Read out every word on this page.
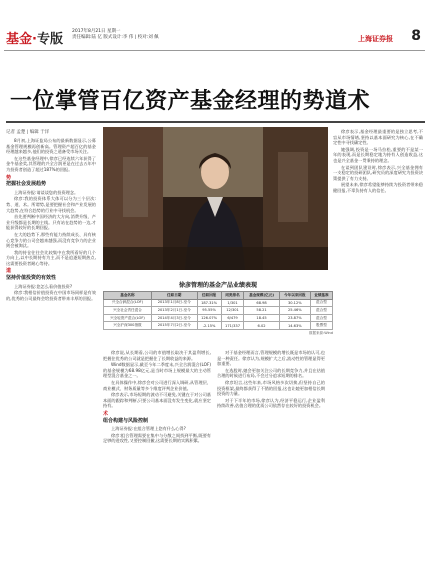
基金·专版
2017年8月21日 星期一
责任编辑:陆 亿 版式设计:李 伟 | 校对:刘 佩	上海证券报 8
一位掌管百亿资产基金经理的势道术
记者 孟楚 | 编辑 于洋
8月初,上海证监局公布的最新数据显示,公募基金管理规模再创新高。管理资产超百亿的基金经理越来越多,他们的投资之道备受市场关注。
在这些基金经理中,徐彦已经连续六年获得了金牛基金奖,其管理的兴全合润更是在过去五年中为投资者创造了超过187%的回报。
势
把握社会发展趋势
上海证券报:请谈谈您的投资理念。
徐彦:我的投资体系大体可以分为三个层次:势、道、术。所谓势,是要把握社会和产业发展的大趋势,在符合趋势的行业中寻找机会。
首先要判断中国经济的大方向,消费升级、产业升级都是长期的主线。只有站在趋势的一边,才能获得较好的长期回报。
在大的趋势下,那些有能力持续成长、具有核心竞争力的公司会越来越强,而没有竞争力的企业则会被淘汰。
我的持仓往往会比较集中在我所看好的几个方向上,以中长期持有为主,而不是追逐短期热点,这需要投资者耐心等待。
道
坚持价值投资的有效性
上海证券报:您怎么看价值投资?
徐彦:我相信价值投资在中国市场同样是有效的,优秀的公司最终会给投资者带来丰厚的回报。
徐彦说,从长期看,公司的市值增长取决于其盈利增长,把握住优秀的公司就是把握住了长期收益的来源。
Wind数据显示,截至今年二季度末,兴全合润混合(LOF)的基金规模为68.98亿元,是当时市场上规模最大的主动管理型混合基金之一。
在具体操作中,徐彦会对公司进行深入调研,从管理层、商业模式、财务质量等多个维度评判企业价值。
徐彦表示,市场短期的波动不可避免,关键在于对公司基本面的跟踪和判断,只要公司基本面没有发生变化,就应坚定持有。
术
组合构建与风险控制
上海证券报:在组合管理上您有什么心得?
徐彦:组合管理需要在集中与分散之间找到平衡,既要有足够的进攻性,又要控制回撤,这需要长期的实践积累。
对于基金经理而言,管理规模的增长既是市场的认可,也是一种责任。徐彦认为,规模扩大之后,流动性的管理显得更加重要。
在选股时,她会更加关注公司的长期竞争力,并且在估值合理的时候进行布局,不会过分追求短期的排名。
徐彦坦言,这些年来,市场风格多次切换,但坚持自己的投资框架,最终都获得了不错的回报,这也让她更加相信长期投资的力量。
对于下半年的市场,徐彦认为,经济平稳运行,企业盈利持续改善,估值合理的优质公司依然存在较好的投资机会。
徐彦表示,基金经理最重要的是独立思考,不盲从市场情绪,坚持以基本面研究为核心,在不确定性中寻找确定性。
她强调,投资是一场马拉松,重要的不是某一年的表现,而是长期稳定地为持有人创造收益,这也是兴全基金一贯秉持的理念。
在谈到团队建设时,徐彦表示,兴全基金拥有一支稳定的投研团队,研究员的深度研究为投资决策提供了有力支持。
展望未来,徐彦希望能够持续为投资者带来稳健回报,不辜负持有人的信任。
徐彦管理的基金产品业绩表现
基金名称	任职日期	任职回报	同类排名	基金规模(亿元)	今年以来回报	业绩基准
兴全合润混合(LOF)	2013年1月8日-至今	187.31%	1/301	68.98	30.12%	混合型
兴全社会责任混合	2013年2月1日-至今	95.55%	12/301	58.21	25.46%	混合型
兴全轻资产混合(LOF)	2014年4月3日-至今	126.07%	6/479	18.45	23.87%	混合型
兴全沪深300指数	2015年7月2日-至今	-2.15%	171/337	6.02	14.63%	股票型
数据来源:Wind
